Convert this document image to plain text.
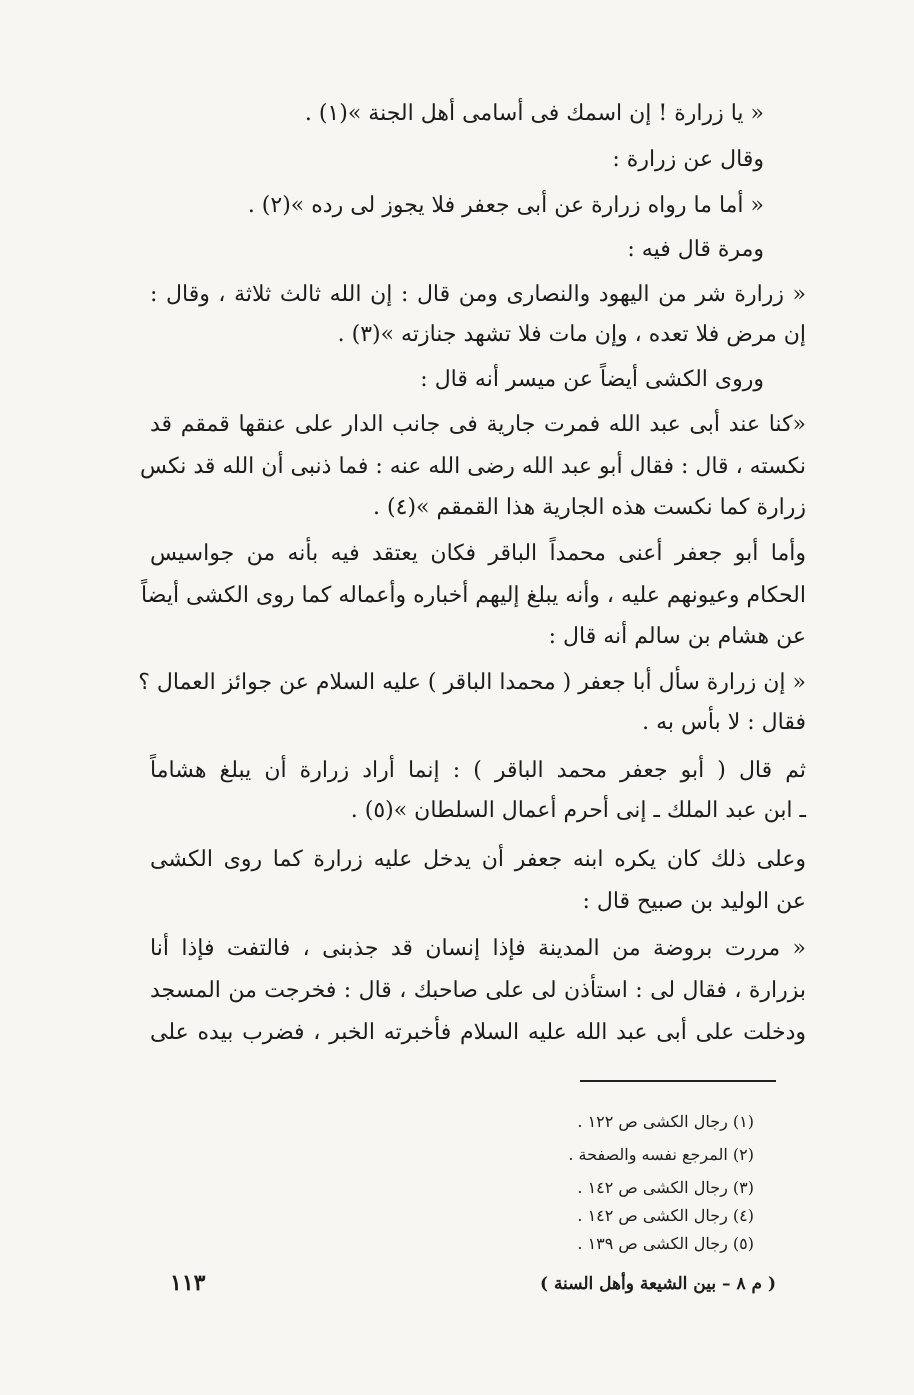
« يا زرارة ! إن اسمك فى أسامى أهل الجنة »(١) .
وقال عن زرارة :
« أما ما رواه زرارة عن أبى جعفر فلا يجوز لى رده »(٢) .
ومرة قال فيه :
« زرارة شر من اليهود والنصارى ومن قال : إن الله ثالث ثلاثة ، وقال :
إن مرض فلا تعده ، وإن مات فلا تشهد جنازته »(٣) .
وروى الكشى أيضاً عن ميسر أنه قال :
«كنا عند أبى عبد الله فمرت جارية فى جانب الدار على عنقها قمقم قد
نكسته ، قال : فقال أبو عبد الله رضى الله عنه : فما ذنبى أن الله قد نكس
زرارة كما نكست هذه الجارية هذا القمقم »(٤) .
وأما أبو جعفر أعنى محمداً الباقر فكان يعتقد فيه بأنه من جواسيس
الحكام وعيونهم عليه ، وأنه يبلغ إليهم أخباره وأعماله كما روى الكشى أيضاً
عن هشام بن سالم أنه قال :
« إن زرارة سأل أبا جعفر ( محمدا الباقر ) عليه السلام عن جوائز العمال ؟
فقال : لا بأس به .
ثم قال ( أبو جعفر محمد الباقر ) : إنما أراد زرارة أن يبلغ هشاماً
ـ ابن عبد الملك ـ إنى أحرم أعمال السلطان »(٥) .
وعلى ذلك كان يكره ابنه جعفر أن يدخل عليه زرارة كما روى الكشى
عن الوليد بن صبيح قال :
« مررت بروضة من المدينة فإذا إنسان قد جذبنى ، فالتفت فإذا أنا
بزرارة ، فقال لى : استأذن لى على صاحبك ، قال : فخرجت من المسجد
ودخلت على أبى عبد الله عليه السلام فأخبرته الخبر ، فضرب بيده على
(١) رجال الكشى ص ١٢٢ .
(٢) المرجع نفسه والصفحة .
(٣) رجال الكشى ص ١٤٢ .
(٤) رجال الكشى ص ١٤٢ .
(٥) رجال الكشى ص ١٣٩ .
١١٣	( م ٨ – بين الشيعة وأهل السنة )
